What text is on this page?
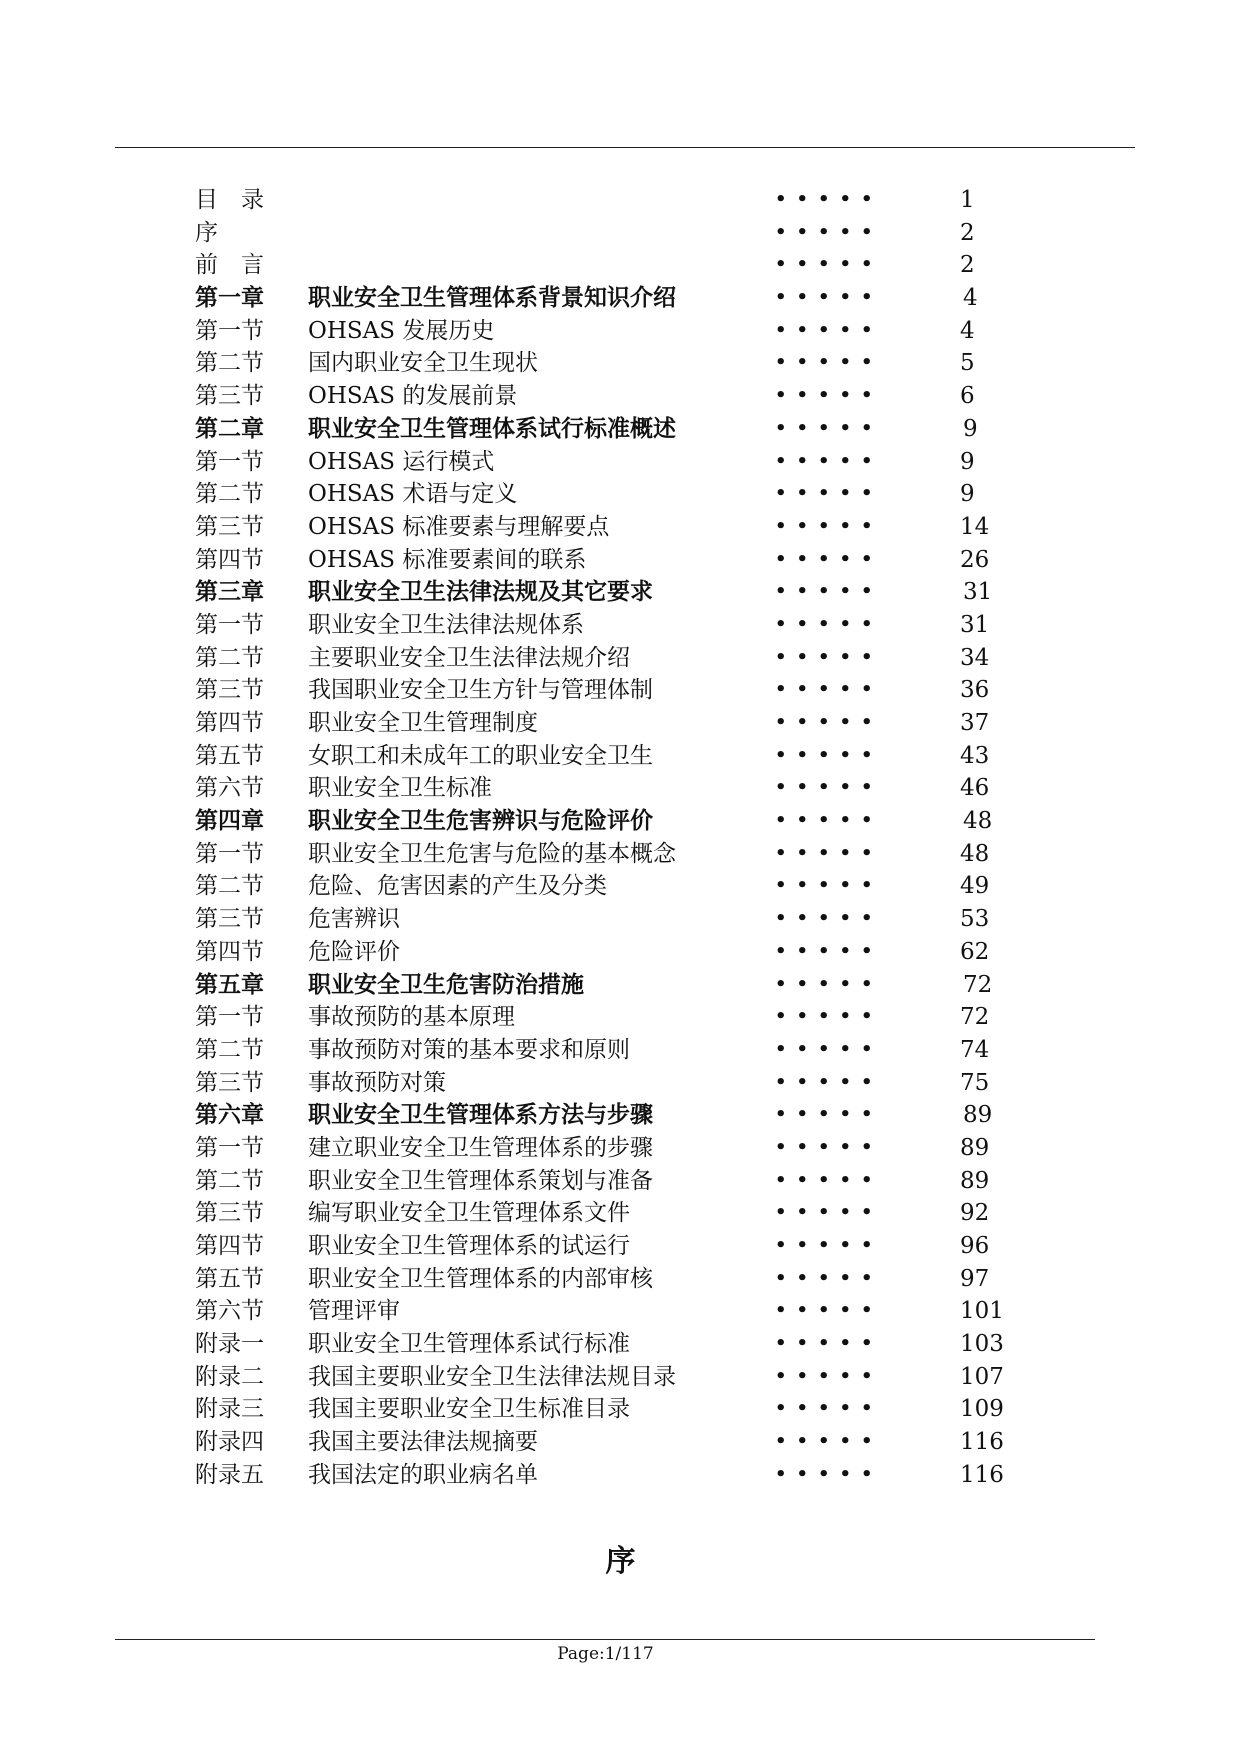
目　录	•••••	1
序	•••••	2
前　言	•••••	2
第一章 职业安全卫生管理体系背景知识介绍	•••••	4
第一节 OHSAS 发展历史	•••••	4
第二节 国内职业安全卫生现状	•••••	5
第三节 OHSAS 的发展前景	•••••	6
第二章 职业安全卫生管理体系试行标准概述	•••••	9
第一节 OHSAS 运行模式	•••••	9
第二节 OHSAS 术语与定义	•••••	9
第三节 OHSAS 标准要素与理解要点	•••••	14
第四节 OHSAS 标准要素间的联系	•••••	26
第三章 职业安全卫生法律法规及其它要求	•••••	31
第一节 职业安全卫生法律法规体系	•••••	31
第二节 主要职业安全卫生法律法规介绍	•••••	34
第三节 我国职业安全卫生方针与管理体制	•••••	36
第四节 职业安全卫生管理制度	•••••	37
第五节 女职工和未成年工的职业安全卫生	•••••	43
第六节 职业安全卫生标准	•••••	46
第四章 职业安全卫生危害辨识与危险评价	•••••	48
第一节 职业安全卫生危害与危险的基本概念	•••••	48
第二节 危险、危害因素的产生及分类	•••••	49
第三节 危害辨识	•••••	53
第四节 危险评价	•••••	62
第五章 职业安全卫生危害防治措施	•••••	72
第一节 事故预防的基本原理	•••••	72
第二节 事故预防对策的基本要求和原则	•••••	74
第三节 事故预防对策	•••••	75
第六章 职业安全卫生管理体系方法与步骤	•••••	89
第一节 建立职业安全卫生管理体系的步骤	•••••	89
第二节 职业安全卫生管理体系策划与准备	•••••	89
第三节 编写职业安全卫生管理体系文件	•••••	92
第四节 职业安全卫生管理体系的试运行	•••••	96
第五节 职业安全卫生管理体系的内部审核	•••••	97
第六节 管理评审	•••••	101
附录一 职业安全卫生管理体系试行标准	•••••	103
附录二 我国主要职业安全卫生法律法规目录	•••••	107
附录三 我国主要职业安全卫生标准目录	•••••	109
附录四 我国主要法律法规摘要	•••••	116
附录五 我国法定的职业病名单	•••••	116
序
Page:1/117
